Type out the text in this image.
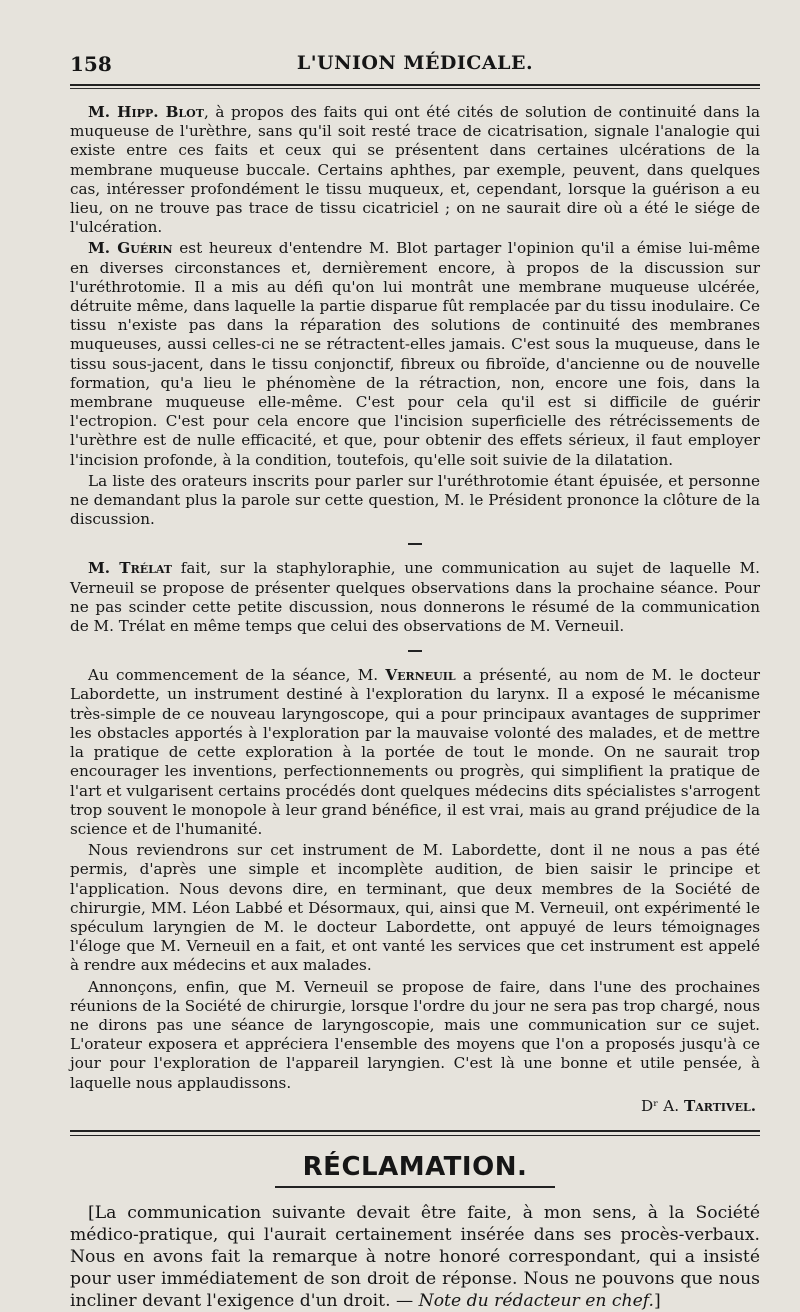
158	L'UNION MÉDICALE.

M. Hipp. Blot, à propos des faits qui ont été cités de solution de continuité dans la muqueuse de l'urèthre, sans qu'il soit resté trace de cicatrisation, signale l'analogie qui existe entre ces faits et ceux qui se présentent dans certaines ulcérations de la membrane muqueuse buccale. Certains aphthes, par exemple, peuvent, dans quelques cas, intéresser profondément le tissu muqueux, et, cependant, lorsque la guérison a eu lieu, on ne trouve pas trace de tissu cicatriciel ; on ne saurait dire où a été le siége de l'ulcération.

M. Guérin est heureux d'entendre M. Blot partager l'opinion qu'il a émise lui-même en diverses circonstances et, dernièrement encore, à propos de la discussion sur l'uréthrotomie. Il a mis au défi qu'on lui montrât une membrane muqueuse ulcérée, détruite même, dans laquelle la partie disparue fût remplacée par du tissu inodulaire. Ce tissu n'existe pas dans la réparation des solutions de continuité des membranes muqueuses, aussi celles-ci ne se rétractent-elles jamais. C'est sous la muqueuse, dans le tissu sous-jacent, dans le tissu conjonctif, fibreux ou fibroïde, d'ancienne ou de nouvelle formation, qu'a lieu le phénomène de la rétraction, non, encore une fois, dans la membrane muqueuse elle-même. C'est pour cela qu'il est si difficile de guérir l'ectropion. C'est pour cela encore que l'incision superficielle des rétrécissements de l'urèthre est de nulle efficacité, et que, pour obtenir des effets sérieux, il faut employer l'incision profonde, à la condition, toutefois, qu'elle soit suivie de la dilatation.

La liste des orateurs inscrits pour parler sur l'uréthrotomie étant épuisée, et personne ne demandant plus la parole sur cette question, M. le Président prononce la clôture de la discussion.

M. Trélat fait, sur la staphyloraphie, une communication au sujet de laquelle M. Verneuil se propose de présenter quelques observations dans la prochaine séance. Pour ne pas scinder cette petite discussion, nous donnerons le résumé de la communication de M. Trélat en même temps que celui des observations de M. Verneuil.

Au commencement de la séance, M. Verneuil a présenté, au nom de M. le docteur Labordette, un instrument destiné à l'exploration du larynx. Il a exposé le mécanisme très-simple de ce nouveau laryngoscope, qui a pour principaux avantages de supprimer les obstacles apportés à l'exploration par la mauvaise volonté des malades, et de mettre la pratique de cette exploration à la portée de tout le monde. On ne saurait trop encourager les inventions, perfectionnements ou progrès, qui simplifient la pratique de l'art et vulgarisent certains procédés dont quelques médecins dits spécialistes s'arrogent trop souvent le monopole à leur grand bénéfice, il est vrai, mais au grand préjudice de la science et de l'humanité.

Nous reviendrons sur cet instrument de M. Labordette, dont il ne nous a pas été permis, d'après une simple et incomplète audition, de bien saisir le principe et l'application. Nous devons dire, en terminant, que deux membres de la Société de chirurgie, MM. Léon Labbé et Désormaux, qui, ainsi que M. Verneuil, ont expérimenté le spéculum laryngien de M. le docteur Labordette, ont appuyé de leurs témoignages l'éloge que M. Verneuil en a fait, et ont vanté les services que cet instrument est appelé à rendre aux médecins et aux malades.

Annonçons, enfin, que M. Verneuil se propose de faire, dans l'une des prochaines réunions de la Société de chirurgie, lorsque l'ordre du jour ne sera pas trop chargé, nous ne dirons pas une séance de laryngoscopie, mais une communication sur ce sujet. L'orateur exposera et appréciera l'ensemble des moyens que l'on a proposés jusqu'à ce jour pour l'exploration de l'appareil laryngien. C'est là une bonne et utile pensée, à laquelle nous applaudissons.

Dʳ A. Tartivel.
RÉCLAMATION.

[La communication suivante devait être faite, à mon sens, à la Société médico-pratique, qui l'aurait certainement insérée dans ses procès-verbaux. Nous en avons fait la remarque à notre honoré correspondant, qui a insisté pour user immédiatement de son droit de réponse. Nous ne pouvons que nous incliner devant l'exigence d'un droit. — Note du rédacteur en chef.]
